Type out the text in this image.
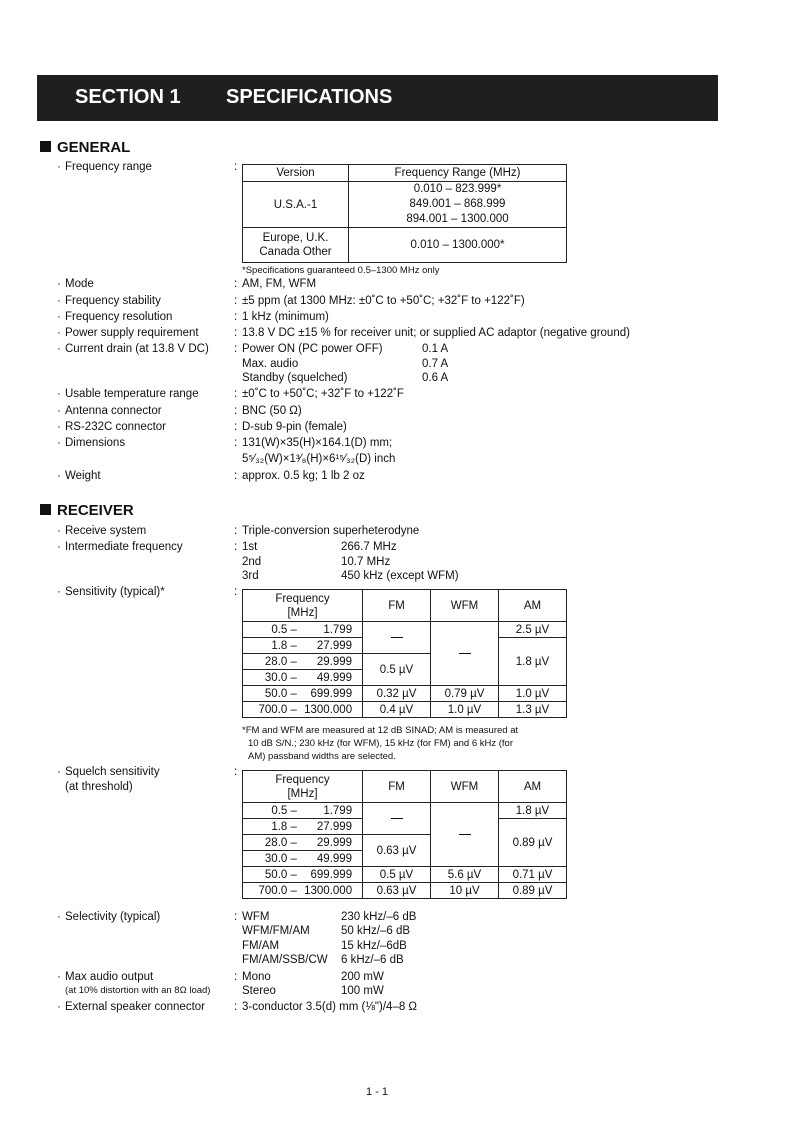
SECTION 1 SPECIFICATIONS
GENERAL
· Frequency range	:	Version	Frequency Range (MHz)
U.S.A.-1	0.010 – 823.999*
849.001 – 868.999
894.001 – 1300.000

Europe, U.K.
Canada Other	0.010 – 1300.000*
*Specifications guaranteed 0.5–1300 MHz only
· Mode	: AM, FM, WFM
· Frequency stability	: ±5 ppm (at 1300 MHz: ±0˚C to +50˚C; +32˚F to +122˚F)
· Frequency resolution	: 1 kHz (minimum)
· Power supply requirement	: 13.8 V DC ±15 % for receiver unit; or supplied AC adaptor (negative ground)
· Current drain (at 13.8 V DC) : Power ON (PC power OFF)	0.1 A
Max. audio	0.7 A
Standby (squelched)	0.6 A
· Usable temperature range	: ±0˚C to +50˚C; +32˚F to +122˚F
· Antenna connector	: BNC (50 Ω)
· RS-232C connector	: D-sub 9-pin (female)
· Dimensions	: 131(W)×35(H)×164.1(D) mm;
5⁵⁄₃₂(W)×1³⁄₈(H)×6¹⁵⁄₃₂(D) inch
· Weight	: approx. 0.5 kg; 1 lb 2 oz
RECEIVER
· Receive system	: Triple-conversion superheterodyne
· Intermediate frequency	: 1st	266.7 MHz
2nd	10.7 MHz
3rd	450 kHz (except WFM)
· Sensitivity (typical)*	:
Frequency
[MHz]	FM	WFM	AM
0.5 – 1.799			2.5 µV
1.8 – 27.999			1.8 µV
28.0 – 29.999	0.5 µV		
30.0 – 49.999			
50.0 – 699.999	0.32 µV	0.79 µV	1.0 µV
700.0 – 1300.000	0.4 µV	1.0 µV	1.3 µV
*FM and WFM are measured at 12 dB SINAD; AM is measured at
10 dB S/N.; 230 kHz (for WFM), 15 kHz (for FM) and 6 kHz (for
AM) passband widths are selected.
· Squelch sensitivity
(at threshold)
:
Frequency
[MHz]	FM	WFM	AM
0.5 – 1.799			1.8 µV
1.8 – 27.999			0.89 µV
28.0 – 29.999	0.63 µV		
30.0 – 49.999			
50.0 – 699.999	0.5 µV	5.6 µV	0.71 µV
700.0 – 1300.000	0.63 µV	10 µV	0.89 µV
· Selectivity (typical)	: WFM	230 kHz/–6 dB
WFM/FM/AM	50 kHz/–6 dB
FM/AM	15 kHz/–6dB
FM/AM/SSB/CW 6 kHz/–6 dB
· Max audio output
(at 10% distortion with an 8Ω load)
: Mono	200 mW
Stereo	100 mW
· External speaker connector	: 3-conductor 3.5(d) mm (⅛")/4–8 Ω
1 - 1
